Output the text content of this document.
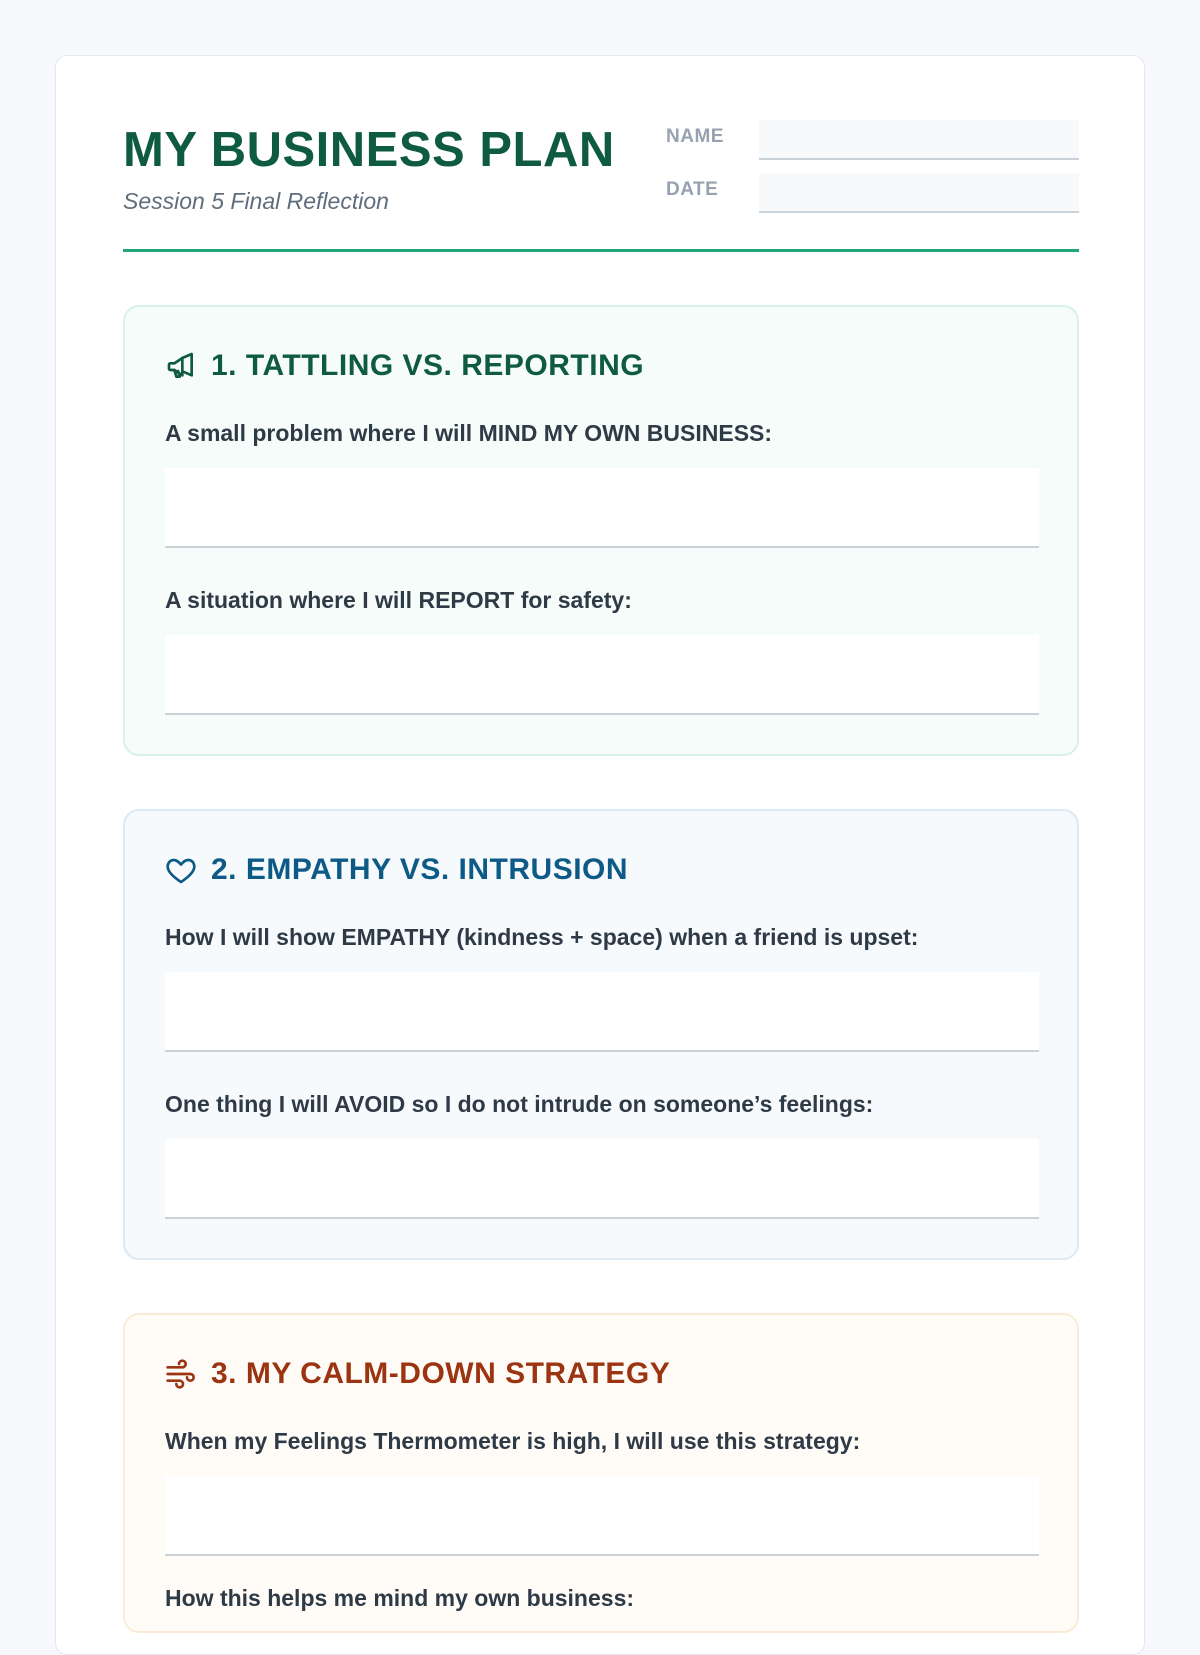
MY BUSINESS PLAN
Session 5 Final Reflection
NAME
DATE
1. TATTLING VS. REPORTING
A small problem where I will MIND MY OWN BUSINESS:
A situation where I will REPORT for safety:
2. EMPATHY VS. INTRUSION
How I will show EMPATHY (kindness + space) when a friend is upset:
One thing I will AVOID so I do not intrude on someone’s feelings:
3. MY CALM-DOWN STRATEGY
When my Feelings Thermometer is high, I will use this strategy:
How this helps me mind my own business:
